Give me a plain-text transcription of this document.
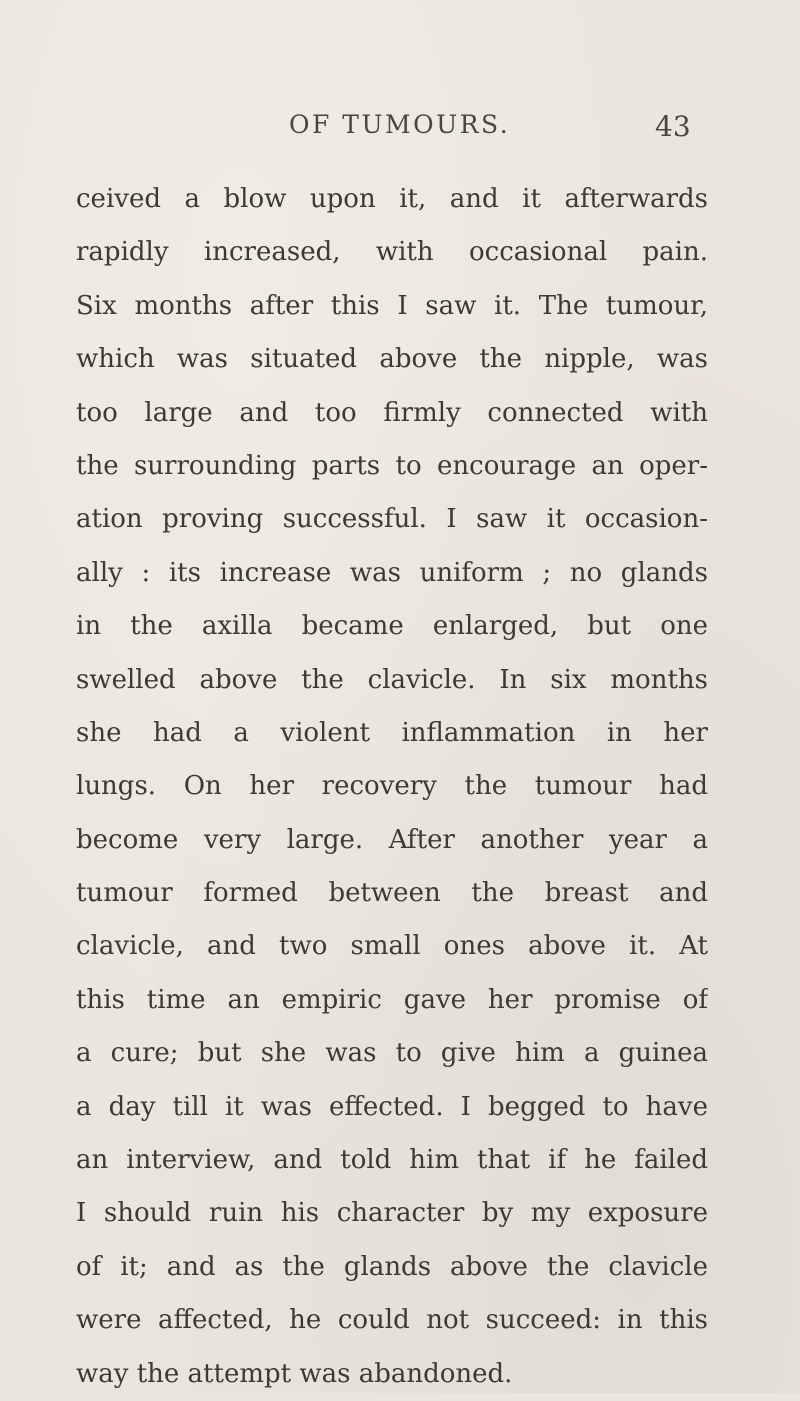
OF TUMOURS.	43
ceived a blow upon it, and it afterwards
rapidly increased, with occasional pain.
Six months after this I saw it. The tumour,
which was situated above the nipple, was
too large and too firmly connected with
the surrounding parts to encourage an oper-
ation proving successful. I saw it occasion-
ally : its increase was uniform ; no glands
in the axilla became enlarged, but one
swelled above the clavicle. In six months
she had a violent inflammation in her
lungs. On her recovery the tumour had
become very large. After another year a
tumour formed between the breast and
clavicle, and two small ones above it. At
this time an empiric gave her promise of
a cure; but she was to give him a guinea
a day till it was effected. I begged to have
an interview, and told him that if he failed
I should ruin his character by my exposure
of it; and as the glands above the clavicle
were affected, he could not succeed: in this
way the attempt was abandoned.
